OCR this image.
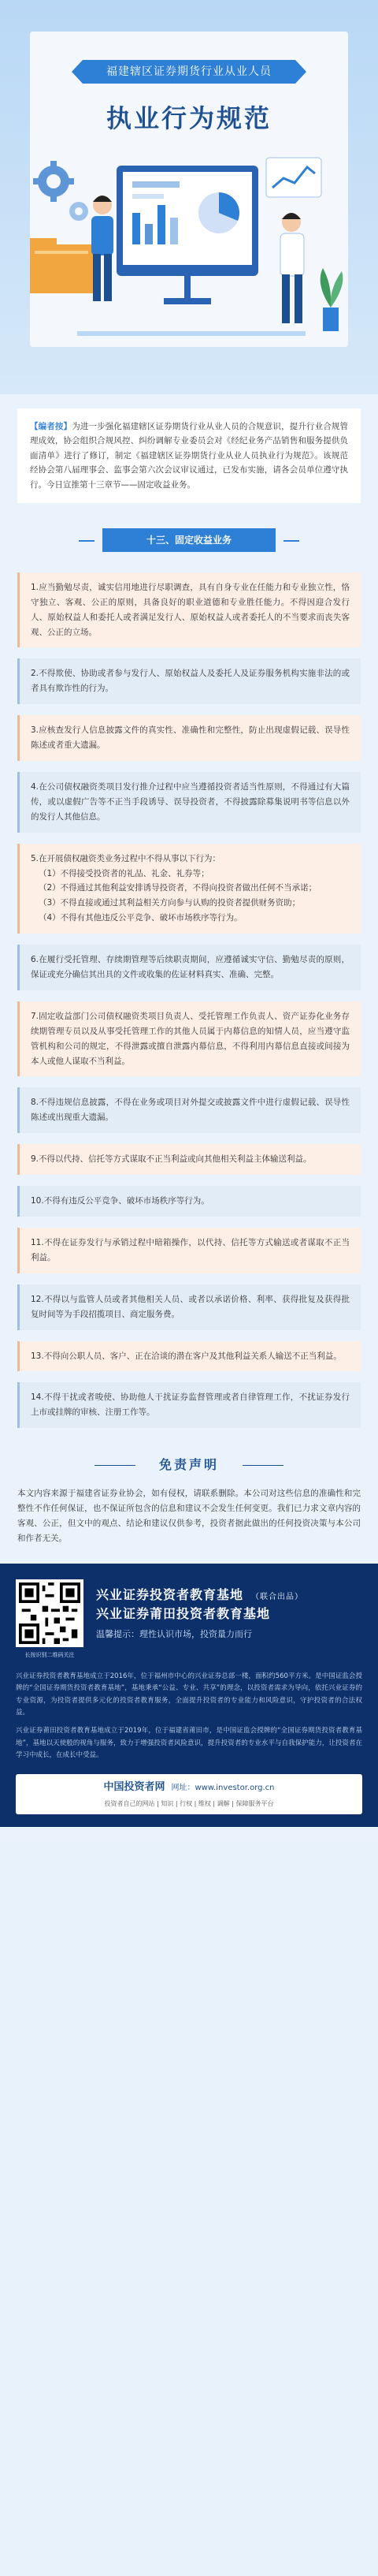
福建辖区证券期货行业从业人员
执业行为规范
【编者按】为进一步强化福建辖区证券期货行业从业人员的合规意识，提升行业合规管理成效，协会组织合规风控、纠纷调解专业委员会对《经纪业务产品销售和服务提供负面清单》进行了修订，制定《福建辖区证券期货行业从业人员执业行为规范》。该规范经协会第八届理事会、监事会第六次会议审议通过，已发布实施，请各会员单位遵守执行。今日宣推第十三章节——固定收益业务。
十三、固定收益业务
1.应当勤勉尽责，诚实信用地进行尽职调查，具有自身专业在任能力和专业独立性，恪守独立、客观、公正的原则，具备良好的职业道德和专业胜任能力。不得因迎合发行人、原始权益人和委托人或者满足发行人、原始权益人或者委托人的不当要求而丧失客观、公正的立场。
2.不得欺使、协助或者参与发行人、原始权益人及委托人及证券服务机构实施非法的或者具有欺诈性的行为。
3.应核查发行人信息披露文件的真实性、准确性和完整性，防止出现虚假记载、误导性陈述或者重大遗漏。
4.在公司债权融资类项目发行推介过程中应当遵循投资者适当性原则，不得通过有大篇传，或以虚假广告等不正当手段诱导、误导投资者，不得披露除募集说明书等信息以外的发行人其他信息。
5.在开展债权融资类业务过程中不得从事以下行为：
（1）不得接受投资者的礼品、礼金、礼券等；
（2）不得通过其他利益安排诱导投资者，不得向投资者做出任何不当承诺；
（3）不得直接或通过其利益相关方向参与认购的投资者提供财务资助；
（4）不得有其他违反公平竞争、破坏市场秩序等行为。
6.在履行受托管理、存续期管理等后续职责期间，应遵循诚实守信、勤勉尽责的原则，保证或充分确信其出具的文件或收集的佐证材料真实、准确、完整。
7.固定收益部门公司债权融资类项目负责人、受托管理工作负责人、资产证券化业务存续期管理专员以及从事受托管理工作的其他人员属于内幕信息的知情人员，应当遵守监管机构和公司的规定，不得泄露或擅自泄露内幕信息，不得利用内幕信息直接或间接为本人或他人谋取不当利益。
8.不得违规信息披露，不得在业务或项目对外提交或披露文件中进行虚假记载、误导性陈述或出现重大遗漏。
9.不得以代持、信托等方式谋取不正当利益或向其他相关利益主体输送利益。
10.不得有违反公平竞争、破坏市场秩序等行为。
11.不得在证券发行与承销过程中暗箱操作，以代持、信托等方式输送或者谋取不正当利益。
12.不得以与监管人员或者其他相关人员、或者以承诺价格、利率、获得批复及获得批复时间等为手段招揽项目、商定服务费。
13.不得向公职人员、客户、正在洽谈的潜在客户及其他利益关系人输送不正当利益。
14.不得干扰或者唆使、协助他人干扰证券监督管理或者自律管理工作，不扰证券发行上市或挂牌的审核、注册工作等。
免责声明
本文内容来源于福建省证券业协会，如有侵权，请联系删除。本公司对这些信息的准确性和完整性不作任何保证，也不保证所包含的信息和建议不会发生任何变更。我们已力求文章内容的客观、公正，但文中的观点、结论和建议仅供参考，投资者据此做出的任何投资决策与本公司和作者无关。
长按识别二维码关注
兴业证券投资者教育基地 （联合出品）
兴业证券莆田投资者教育基地
温馨提示：理性认识市场，投资量力而行
兴业证券投资者教育基地成立于2016年，位于福州市中心的兴业证券总部一楼，面积约560平方米。是中国证监会授牌的“全国证券期货投资者教育基地”，基地秉承“公益、专业、共享”的理念，以投资者需求为导向，依托兴业证券的专业资源，为投资者提供多元化的投资者教育服务，全面提升投资者的专业能力和风险意识，守护投资者的合法权益。
兴业证券莆田投资者教育基地成立于2019年，位于福建省莆田市，是中国证监会授牌的“全国证券期货投资者教育基地”，基地以天使般的视角与服务，致力于增强投资者风险意识，提升投资者的专业水平与自我保护能力，让投资者在学习中成长，在成长中受益。
中国投资者网 网址：www.investor.org.cn
投资者自己的网站 | 知识 | 行权 | 维权 | 调解 | 保障服务平台
